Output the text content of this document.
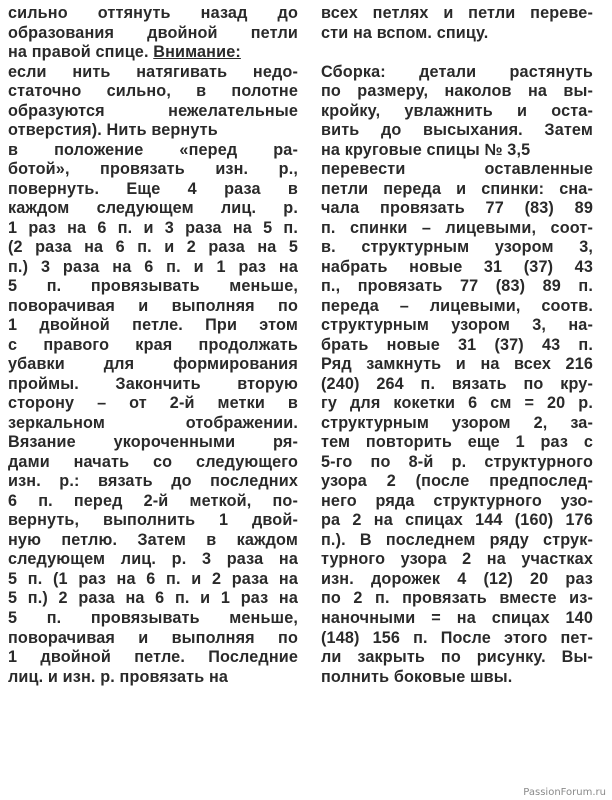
сильно оттянуть назад до
образования двойной петли
на правой спице. Внимание:
если нить натягивать недо-
статочно сильно, в полотне
образуются нежелательные
отверстия). Нить вернуть
в положение «перед ра-
ботой», провязать изн. р.,
повернуть. Еще 4 раза в
каждом следующем лиц. р.
1 раз на 6 п. и 3 раза на 5 п.
(2 раза на 6 п. и 2 раза на 5
п.) 3 раза на 6 п. и 1 раз на
5 п. провязывать меньше,
поворачивая и выполняя по
1 двойной петле. При этом
с правого края продолжать
убавки для формирования
проймы. Закончить вторую
сторону – от 2-й метки в
зеркальном отображении.
Вязание укороченными ря-
дами начать со следующего
изн. р.: вязать до последних
6 п. перед 2-й меткой, по-
вернуть, выполнить 1 двой-
ную петлю. Затем в каждом
следующем лиц. р. 3 раза на
5 п. (1 раз на 6 п. и 2 раза на
5 п.) 2 раза на 6 п. и 1 раз на
5 п. провязывать меньше,
поворачивая и выполняя по
1 двойной петле. Последние
лиц. и изн. р. провязать на
всех петлях и петли переве-
сти на вспом. спицу.
Сборка: детали растянуть
по размеру, наколов на вы-
кройку, увлажнить и оста-
вить до высыхания. Затем
на круговые спицы № 3,5
перевести оставленные
петли переда и спинки: сна-
чала провязать 77 (83) 89
п. спинки – лицевыми, соот-
в. структурным узором 3,
набрать новые 31 (37) 43
п., провязать 77 (83) 89 п.
переда – лицевыми, соотв.
структурным узором 3, на-
брать новые 31 (37) 43 п.
Ряд замкнуть и на всех 216
(240) 264 п. вязать по кру-
гу для кокетки 6 см = 20 р.
структурным узором 2, за-
тем повторить еще 1 раз с
5-го по 8-й р. структурного
узора 2 (после предпослед-
него ряда структурного узо-
ра 2 на спицах 144 (160) 176
п.). В последнем ряду струк-
турного узора 2 на участках
изн. дорожек 4 (12) 20 раз
по 2 п. провязать вместе из-
наночными = на спицах 140
(148) 156 п. После этого пет-
ли закрыть по рисунку. Вы-
полнить боковые швы.
PassionForum.ru
